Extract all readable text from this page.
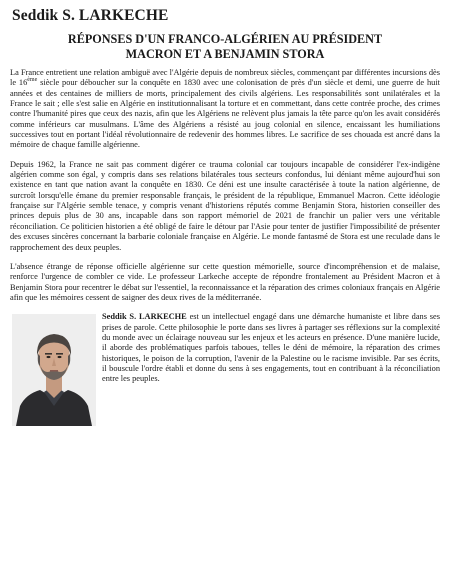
Seddik S. LARKECHE
RÉPONSES D'UN FRANCO-ALGÉRIEN AU PRÉSIDENT
MACRON ET A BENJAMIN STORA

La France entretient une relation ambiguë avec l'Algérie depuis de nombreux siècles, commençant par différentes incursions dès le 16ème siècle pour déboucher sur la conquête en 1830 avec une colonisation de près d'un siècle et demi, une guerre de huit années et des centaines de milliers de morts, principalement des civils algériens. Les responsabilités sont unilatérales et la France le sait ; elle s'est salie en Algérie en institutionnalisant la torture et en commettant, dans cette contrée proche, des crimes contre l'humanité pires que ceux des nazis, afin que les Algériens ne relèvent plus jamais la tête parce qu'on les avait considérés comme inférieurs car musulmans. L'âme des Algériens a résisté au joug colonial en silence, encaissant les humiliations successives tout en portant l'idéal révolutionnaire de redevenir des hommes libres. Le sacrifice de ses chouada est ancré dans la mémoire de chaque famille algérienne.

Depuis 1962, la France ne sait pas comment digérer ce trauma colonial car toujours incapable de considérer l'ex-indigène algérien comme son égal, y compris dans ses relations bilatérales tous secteurs confondus, lui déniant même aujourd'hui son existence en tant que nation avant la conquête en 1830. Ce déni est une insulte caractérisée à toute la nation algérienne, de surcroît lorsqu'elle émane du premier responsable français, le président de la république, Emmanuel Macron. Cette idéologie française sur l'Algérie semble tenace, y compris venant d'historiens réputés comme Benjamin Stora, historien conseiller des princes depuis plus de 30 ans, incapable dans son rapport mémoriel de 2021 de franchir un palier vers une véritable réconciliation. Ce politicien historien a été obligé de faire le détour par l'Asie pour tenter de justifier l'impossibilité de présenter des excuses sincères concernant la barbarie coloniale française en Algérie. Le monde fantasmé de Stora est une reculade dans le rapprochement des deux peuples.

L'absence étrange de réponse officielle algérienne sur cette question mémorielle, source d'incompréhension et de malaise, renforce l'urgence de combler ce vide. Le professeur Larkeche accepte de répondre frontalement au Président Macron et à Benjamin Stora pour recentrer le débat sur l'essentiel, la reconnaissance et la réparation des crimes coloniaux français en Algérie afin que les mémoires cessent de saigner des deux rives de la méditerranée.

Seddik S. LARKECHE est un intellectuel engagé dans une démarche humaniste et libre dans ses prises de parole. Cette philosophie le porte dans ses livres à partager ses réflexions sur la complexité du monde avec un éclairage nouveau sur les enjeux et les acteurs en présence. D'une manière lucide, il aborde des problématiques parfois taboues, telles le déni de mémoire, la réparation des crimes historiques, le poison de la corruption, l'avenir de la Palestine ou le racisme invisible. Par ses écrits, il bouscule l'ordre établi et donne du sens à ses engagements, tout en contribuant à la réconciliation entre les peuples.
